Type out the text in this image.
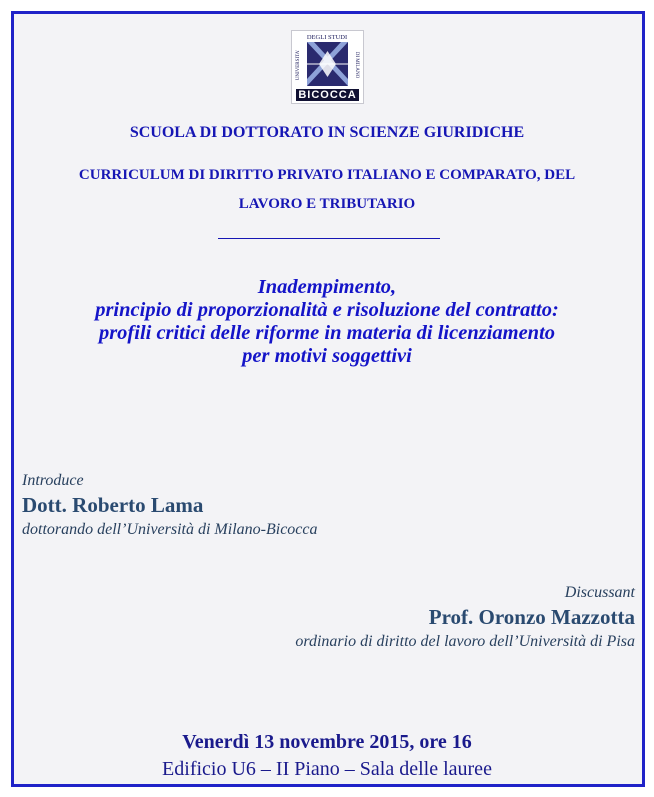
DEGLI STUDI
UNIVERSITA'	DI MILANO
BICOCCA
SCUOLA DI DOTTORATO IN SCIENZE GIURIDICHE
CURRICULUM DI DIRITTO PRIVATO ITALIANO E COMPARATO, DEL
LAVORO E TRIBUTARIO
Inadempimento,
principio di proporzionalità e risoluzione del contratto:
profili critici delle riforme in materia di licenziamento
per motivi soggettivi
Introduce
Dott. Roberto Lama
dottorando dell’Università di Milano-Bicocca
Discussant
Prof. Oronzo Mazzotta
ordinario di diritto del lavoro dell’Università di Pisa
Venerdì 13 novembre 2015, ore 16
Edificio U6 – II Piano – Sala delle lauree
